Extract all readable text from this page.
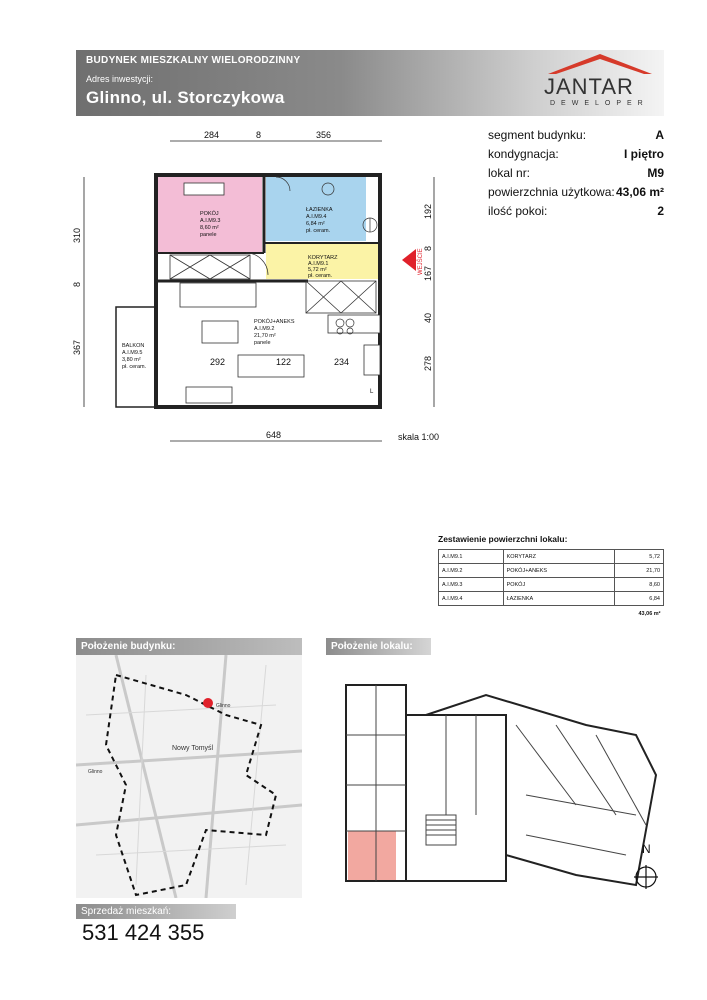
BUDYNEK MIESZKALNY WIELORODZINNY
Adres inwestycji:
Glinno, ul. Storczykowa	JANTAR
DEWELOPER
segment budynku:	A
kondygnacja:	I piętro
lokal nr:	M9
powierzchnia użytkowa: 43,06 m²
ilość pokoi:	2
WEJŚCIE
POKÓJ
A.I.M9.3
8,60 m²
panele
ŁAZIENKA
A.I.M9.4
6,84 m²
pł. ceram.
KORYTARZ
A.I.M9.1
5,72 m²
pł. ceram.
POKÓJ+ANEKS
A.I.M9.2
21,70 m²
panele
BALKON
A.I.M9.5
3,80 m²
pł. ceram.
284	8	356
648
292	122	234
L
310
8
367
192
8
167
40
278
skala 1:00
Zestawienie powierzchni lokalu:
A.I.M9.1	KORYTARZ	5,72
A.I.M9.2	POKÓJ+ANEKS	21,70
A.I.M9.3	POKÓJ	8,60
A.I.M9.4	ŁAZIENKA	6,84
43,06 m²		
Położenie budynku:
Nowy Tomyśl
Glinno
Glinno
Położenie lokalu:
N
Sprzedaż mieszkań:
531 424 355
